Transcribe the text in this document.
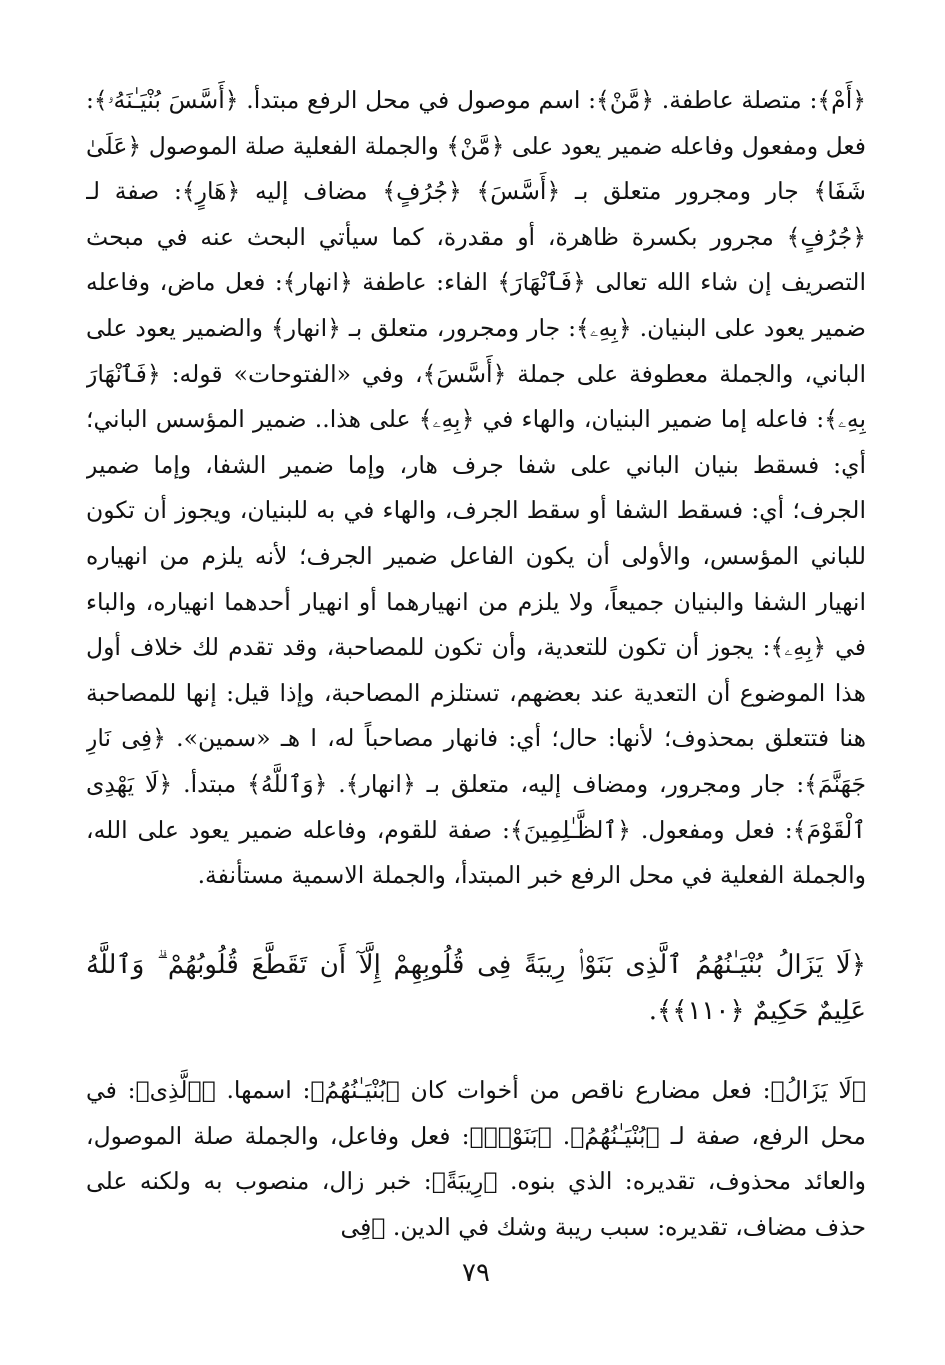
﴿أَمْ﴾: متصلة عاطفة. ﴿مَّنْ﴾: اسم موصول في محل الرفع مبتدأ. ﴿أَسَّسَ بُنْيَـٰنَهُۥ﴾: فعل ومفعول وفاعله ضمير يعود على ﴿مَّنْ﴾ والجملة الفعلية صلة الموصول ﴿عَلَىٰ شَفَا﴾ جار ومجرور متعلق بـ ﴿أَسَّسَ﴾ ﴿جُرُفٍ﴾ مضاف إليه ﴿هَارٍ﴾: صفة لـ ﴿جُرُفٍ﴾ مجرور بكسرة ظاهرة، أو مقدرة، كما سيأتي البحث عنه في مبحث التصريف إن شاء الله تعالى ﴿فَٱنْهَارَ﴾ الفاء: عاطفة ﴿انهار﴾: فعل ماض، وفاعله ضمير يعود على البنيان. ﴿بِهِۦ﴾: جار ومجرور، متعلق بـ ﴿انهار﴾ والضمير يعود على الباني، والجملة معطوفة على جملة ﴿أَسَّسَ﴾، وفي «الفتوحات» قوله: ﴿فَٱنْهَارَ بِهِۦ﴾: فاعله إما ضمير البنيان، والهاء في ﴿بِهِۦ﴾ على هذا.. ضمير المؤسس الباني؛ أي: فسقط بنيان الباني على شفا جرف هار، وإما ضمير الشفا، وإما ضمير الجرف؛ أي: فسقط الشفا أو سقط الجرف، والهاء في به للبنيان، ويجوز أن تكون للباني المؤسس، والأولى أن يكون الفاعل ضمير الجرف؛ لأنه يلزم من انهياره انهيار الشفا والبنيان جميعاً، ولا يلزم من انهيارهما أو انهيار أحدهما انهياره، والباء في ﴿بِهِۦ﴾: يجوز أن تكون للتعدية، وأن تكون للمصاحبة، وقد تقدم لك خلاف أول هذا الموضوع أن التعدية عند بعضهم، تستلزم المصاحبة، وإذا قيل: إنها للمصاحبة هنا فتتعلق بمحذوف؛ لأنها: حال؛ أي: فانهار مصاحباً له، ا هـ «سمين». ﴿فِى نَارِ جَهَنَّمَ﴾: جار ومجرور، ومضاف إليه، متعلق بـ ﴿انهار﴾. ﴿وَٱللَّهُ﴾ مبتدأ. ﴿لَا يَهْدِى ٱلْقَوْمَ﴾: فعل ومفعول. ﴿ٱلظَّـٰلِمِينَ﴾: صفة للقوم، وفاعله ضمير يعود على الله، والجملة الفعلية في محل الرفع خبر المبتدأ، والجملة الاسمية مستأنفة.

﴿لَا يَزَالُ بُنْيَـٰنُهُمُ ٱلَّذِى بَنَوْا۟ رِيبَةً فِى قُلُوبِهِمْ إِلَّآ أَن تَقَطَّعَ قُلُوبُهُمْ ۗ وَٱللَّهُ عَلِيمٌ حَكِيمٌ ﴿١١٠﴾﴾.

﴿لَا يَزَالُ﴾: فعل مضارع ناقص من أخوات كان ﴿بُنْيَـٰنُهُمُ﴾: اسمها. ﴿ٱلَّذِى﴾: في محل الرفع، صفة لـ ﴿بُنْيَـٰنُهُمُ﴾. ﴿بَنَوْا۟﴾: فعل وفاعل، والجملة صلة الموصول، والعائد محذوف، تقديره: الذي بنوه. ﴿رِيبَةً﴾: خبر زال، منصوب به ولكنه على حذف مضاف، تقديره: سبب ريبة وشك في الدين. ﴿فِى

٧٩
